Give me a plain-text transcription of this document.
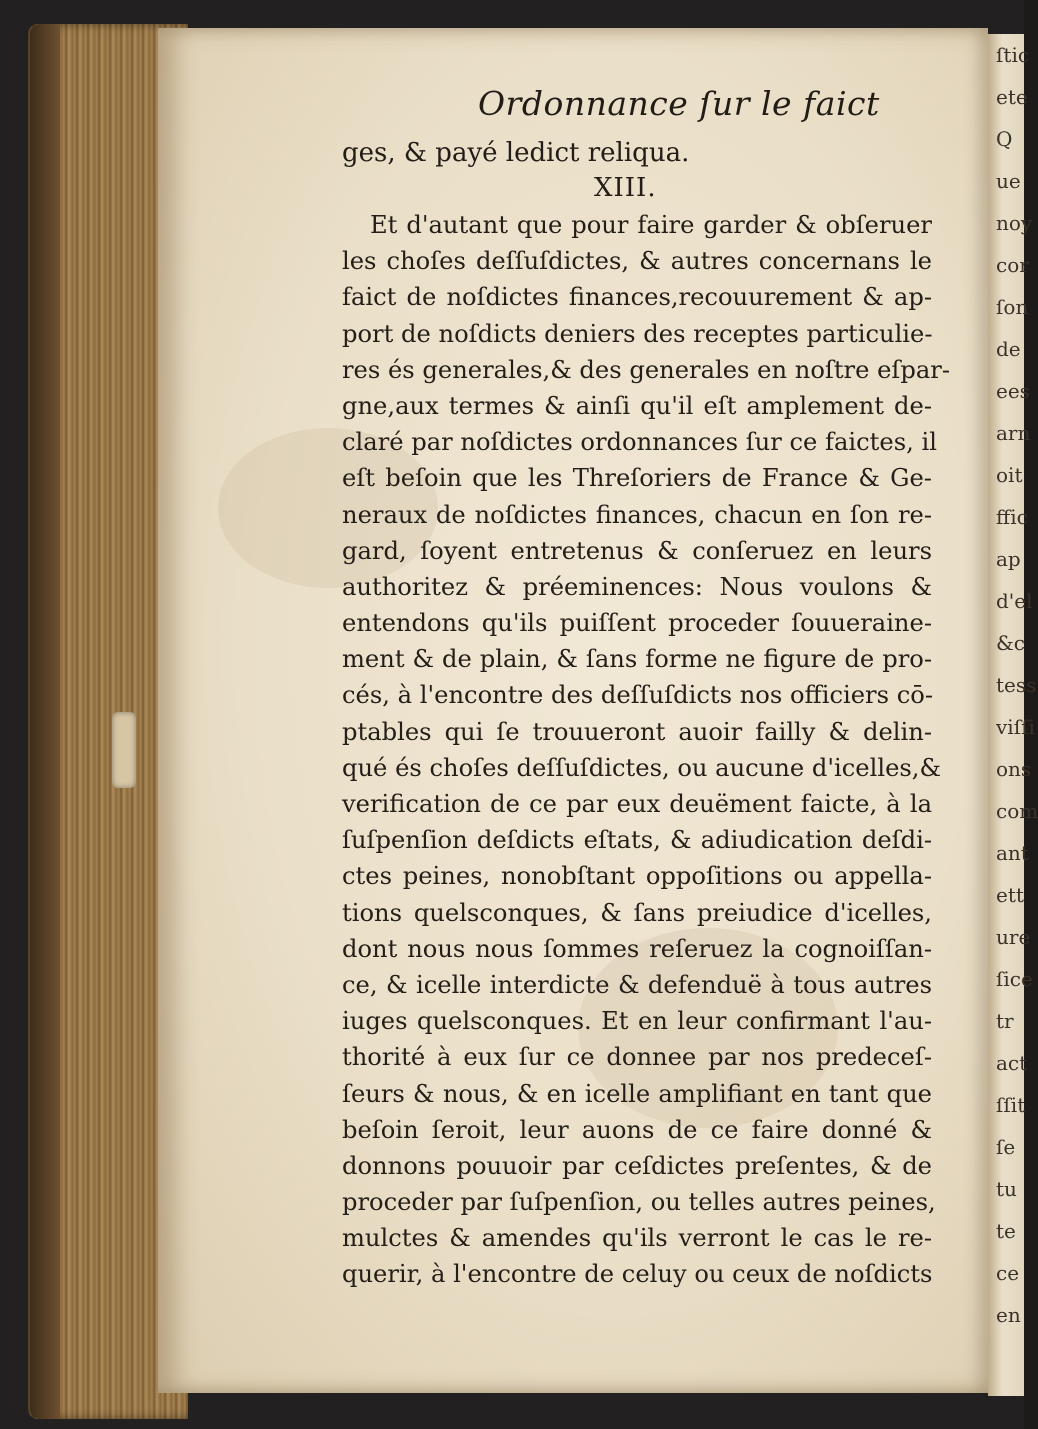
ſtic
ete
Q
ue
noy
cor
ſon
de
ees
arn
oit
ffic
ap
d'el
&c
tess
viſſi
ons
com
ant
ett
ure
ſice
tr
act
ſſit
ſe
tu
te
ce
en
Ordonnance ſur le faict
ges, & payé ledict reliqua.
XIII.
Et d'autant que pour faire garder & obſeruer
les choſes deſſuſdictes, & autres concernans le
faict de noſdictes finances,recouurement & ap-
port de noſdicts deniers des receptes particulie-
res és generales,& des generales en noſtre eſpar-
gne,aux termes & ainſi qu'il eſt amplement de-
claré par noſdictes ordonnances ſur ce faictes, il
eſt beſoin que les Threſoriers de France & Ge-
neraux de noſdictes finances, chacun en ſon re-
gard, ſoyent entretenus & conſeruez en leurs
authoritez & préeminences: Nous voulons &
entendons qu'ils puiſſent proceder ſouueraine-
ment & de plain, & ſans forme ne figure de pro-
cés, à l'encontre des deſſuſdicts nos officiers cō-
ptables qui ſe trouueront auoir failly & delin-
qué és choſes deſſuſdictes, ou aucune d'icelles,&
verification de ce par eux deuëment faicte, à la
ſuſpenſion deſdicts eſtats, & adiudication deſdi-
ctes peines, nonobſtant oppoſitions ou appella-
tions quelsconques, & ſans preiudice d'icelles,
dont nous nous ſommes reſeruez la cognoiſſan-
ce, & icelle interdicte & defenduë à tous autres
iuges quelsconques. Et en leur confirmant l'au-
thorité à eux ſur ce donnee par nos predeceſ-
ſeurs & nous, & en icelle amplifiant en tant que
beſoin ſeroit, leur auons de ce faire donné &
donnons pouuoir par ceſdictes preſentes, & de
proceder par ſuſpenſion, ou telles autres peines,
mulctes & amendes qu'ils verront le cas le re-
querir, à l'encontre de celuy ou ceux de noſdicts
